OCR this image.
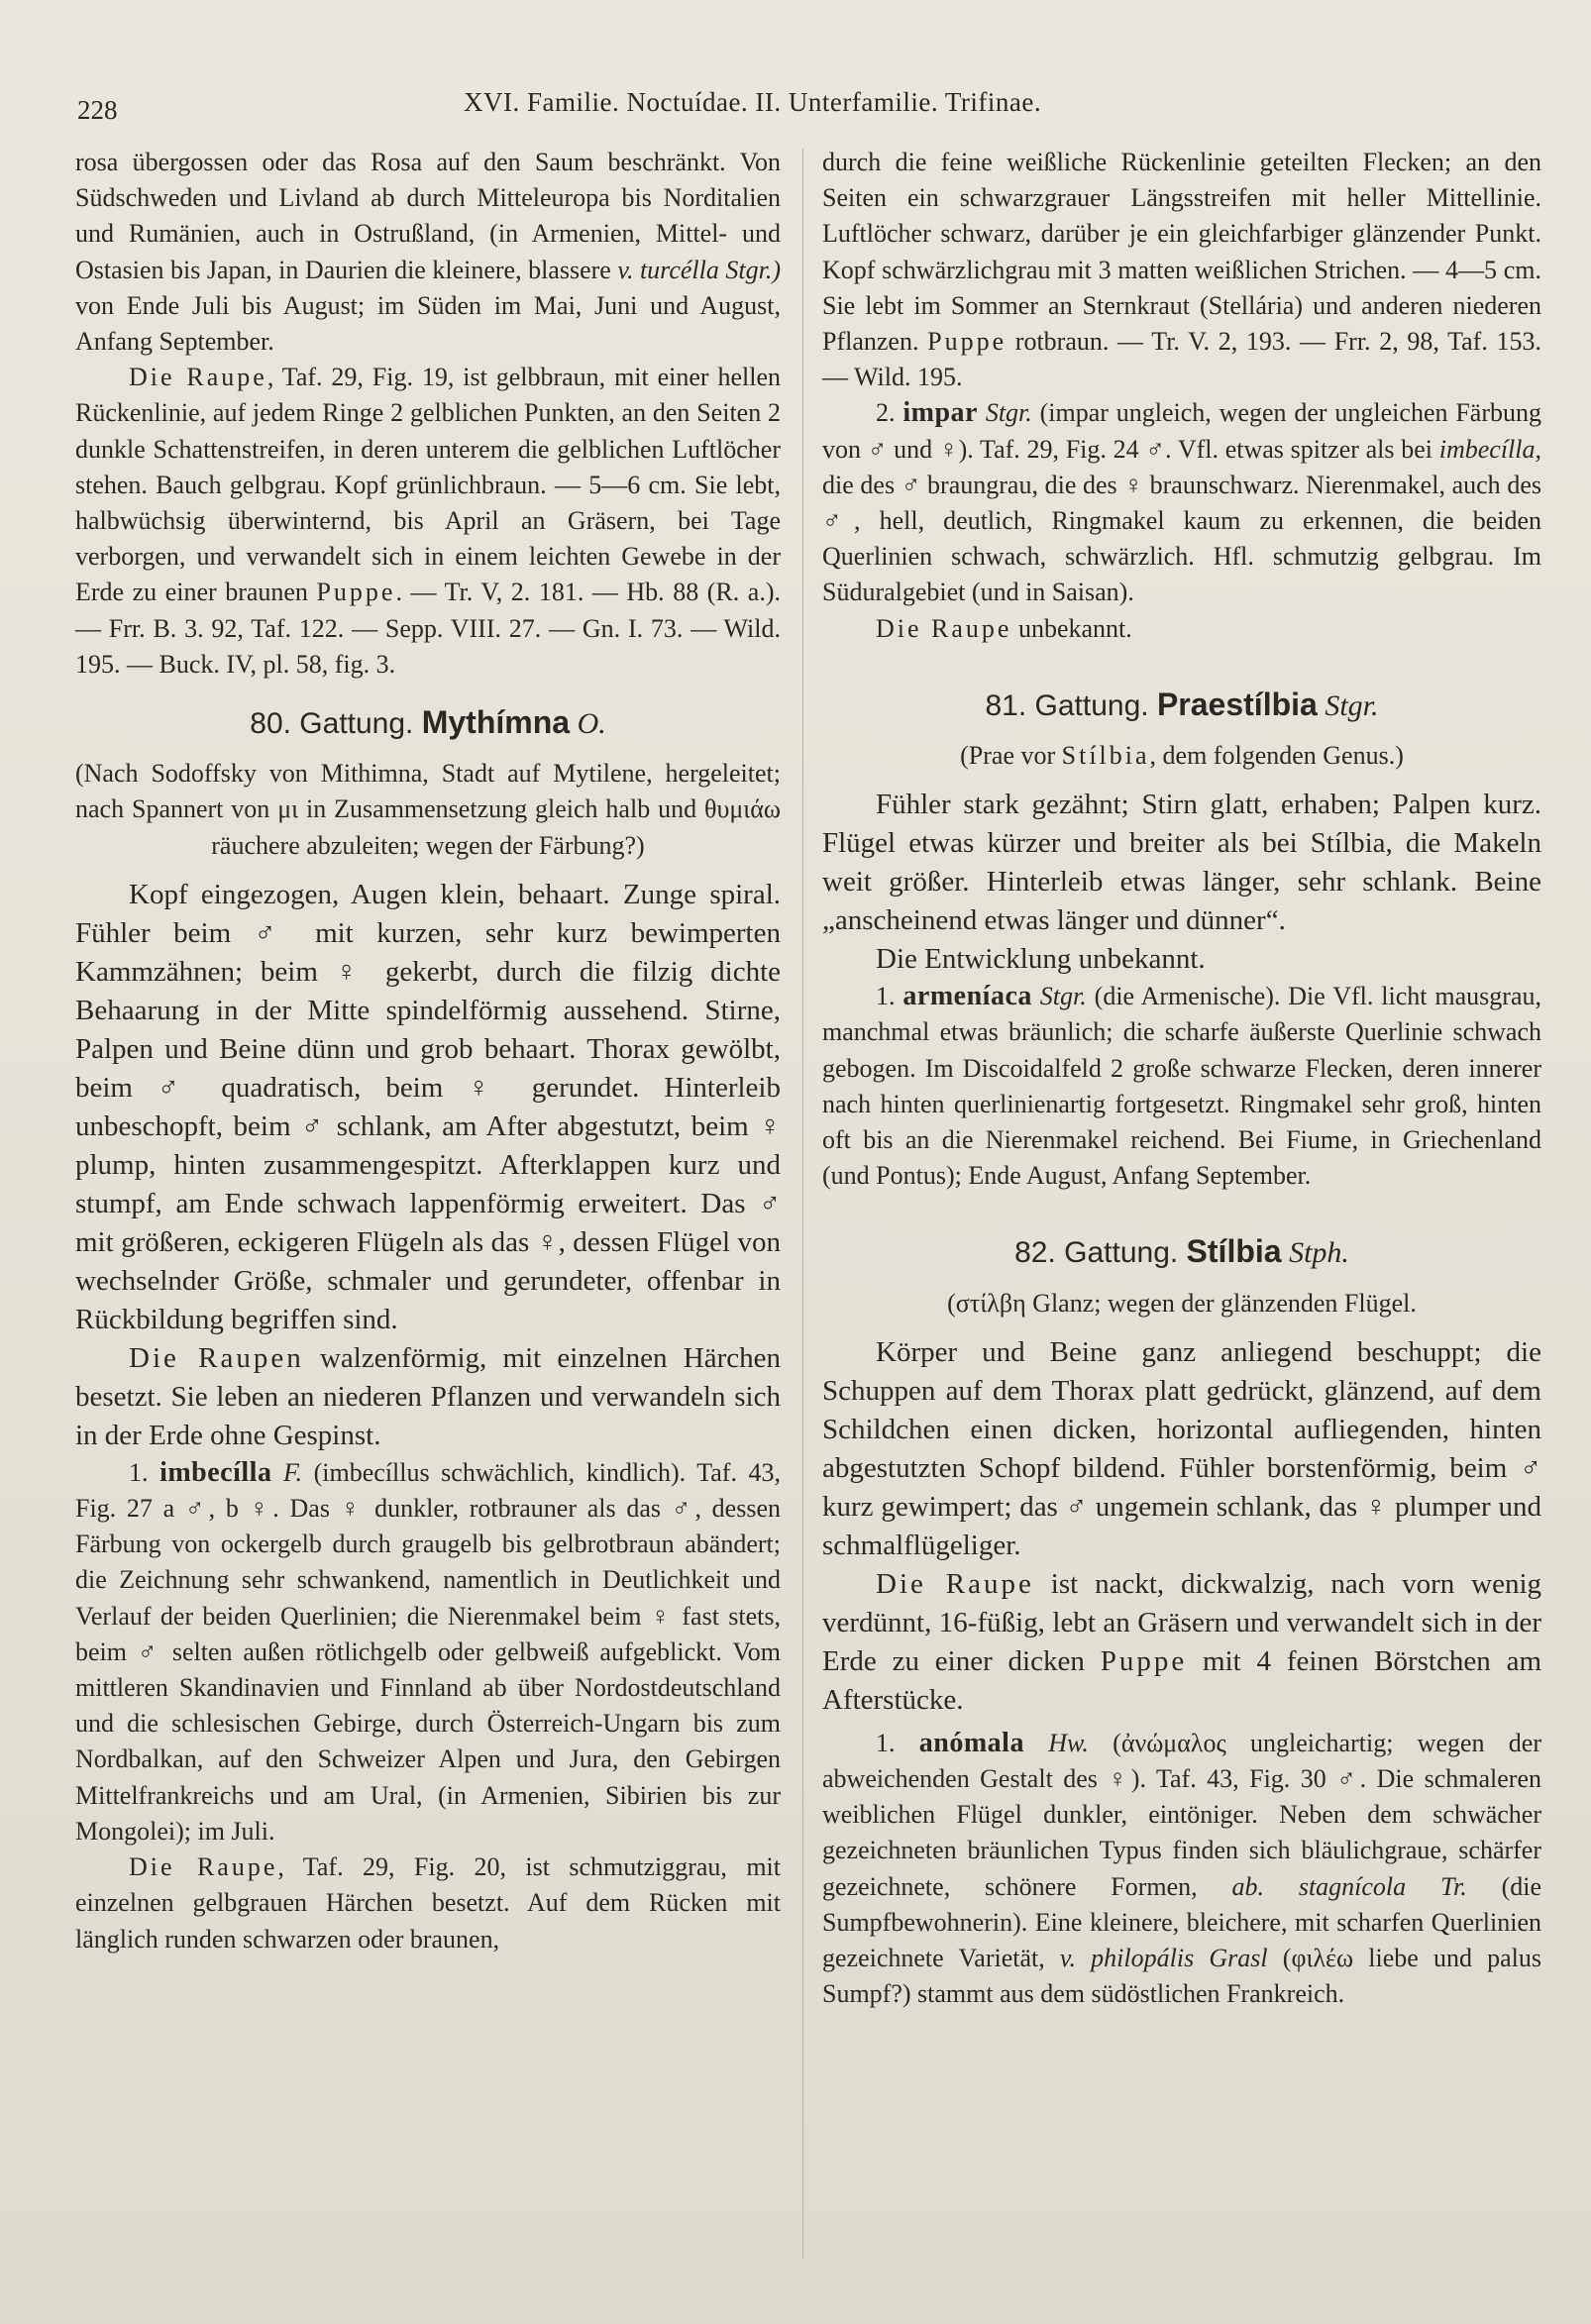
228	XVI. Familie. Noctuídae. II. Unterfamilie. Trifinae.

rosa übergossen oder das Rosa auf den Saum beschränkt. Von Südschweden und Livland ab durch Mitteleuropa bis Norditalien und Rumänien, auch in Ostrußland, (in Armenien, Mittel- und Ostasien bis Japan, in Daurien die kleinere, blassere v. turcélla Stgr.) von Ende Juli bis August; im Süden im Mai, Juni und August, Anfang September.

Die Raupe, Taf. 29, Fig. 19, ist gelbbraun, mit einer hellen Rückenlinie, auf jedem Ringe 2 gelblichen Punkten, an den Seiten 2 dunkle Schattenstreifen, in deren unterem die gelblichen Luftlöcher stehen. Bauch gelbgrau. Kopf grünlichbraun. — 5—6 cm. Sie lebt, halbwüchsig überwinternd, bis April an Gräsern, bei Tage verborgen, und verwandelt sich in einem leichten Gewebe in der Erde zu einer braunen Puppe. — Tr. V, 2. 181. — Hb. 88 (R. a.). — Frr. B. 3. 92, Taf. 122. — Sepp. VIII. 27. — Gn. I. 73. — Wild. 195. — Buck. IV, pl. 58, fig. 3.

80. Gattung. Mythímna O.

(Nach Sodoffsky von Mithimna, Stadt auf Mytilene, hergeleitet; nach Spannert von μι in Zusammensetzung gleich halb und θυμιάω räuchere abzuleiten; wegen der Färbung?)

Kopf eingezogen, Augen klein, behaart. Zunge spiral. Fühler beim ♂ mit kurzen, sehr kurz bewimperten Kammzähnen; beim ♀ gekerbt, durch die filzig dichte Behaarung in der Mitte spindelförmig aussehend. Stirne, Palpen und Beine dünn und grob behaart. Thorax gewölbt, beim ♂ quadratisch, beim ♀ gerundet. Hinterleib unbeschopft, beim ♂ schlank, am After abgestutzt, beim ♀ plump, hinten zusammengespitzt. Afterklappen kurz und stumpf, am Ende schwach lappenförmig erweitert. Das ♂ mit größeren, eckigeren Flügeln als das ♀, dessen Flügel von wechselnder Größe, schmaler und gerundeter, offenbar in Rückbildung begriffen sind.

Die Raupen walzenförmig, mit einzelnen Härchen besetzt. Sie leben an niederen Pflanzen und verwandeln sich in der Erde ohne Gespinst.

1. imbecílla F. (imbecíllus schwächlich, kindlich). Taf. 43, Fig. 27 a ♂, b ♀. Das ♀ dunkler, rotbrauner als das ♂, dessen Färbung von ockergelb durch graugelb bis gelbrotbraun abändert; die Zeichnung sehr schwankend, namentlich in Deutlichkeit und Verlauf der beiden Querlinien; die Nierenmakel beim ♀ fast stets, beim ♂ selten außen rötlichgelb oder gelbweiß aufgeblickt. Vom mittleren Skandinavien und Finnland ab über Nordostdeutschland und die schlesischen Gebirge, durch Österreich-Ungarn bis zum Nordbalkan, auf den Schweizer Alpen und Jura, den Gebirgen Mittelfrankreichs und am Ural, (in Armenien, Sibirien bis zur Mongolei); im Juli.

Die Raupe, Taf. 29, Fig. 20, ist schmutziggrau, mit einzelnen gelbgrauen Härchen besetzt. Auf dem Rücken mit länglich runden schwarzen oder braunen,

durch die feine weißliche Rückenlinie geteilten Flecken; an den Seiten ein schwarzgrauer Längsstreifen mit heller Mittellinie. Luftlöcher schwarz, darüber je ein gleichfarbiger glänzender Punkt. Kopf schwärzlichgrau mit 3 matten weißlichen Strichen. — 4—5 cm. Sie lebt im Sommer an Sternkraut (Stellária) und anderen niederen Pflanzen. Puppe rotbraun. — Tr. V. 2, 193. — Frr. 2, 98, Taf. 153. — Wild. 195.

2. impar Stgr. (impar ungleich, wegen der ungleichen Färbung von ♂ und ♀). Taf. 29, Fig. 24 ♂. Vfl. etwas spitzer als bei imbecílla, die des ♂ braungrau, die des ♀ braunschwarz. Nierenmakel, auch des ♂, hell, deutlich, Ringmakel kaum zu erkennen, die beiden Querlinien schwach, schwärzlich. Hfl. schmutzig gelbgrau. Im Süduralgebiet (und in Saisan).

Die Raupe unbekannt.

81. Gattung. Praestílbia Stgr.

(Prae vor Stílbia, dem folgenden Genus.)

Fühler stark gezähnt; Stirn glatt, erhaben; Palpen kurz. Flügel etwas kürzer und breiter als bei Stílbia, die Makeln weit größer. Hinterleib etwas länger, sehr schlank. Beine „anscheinend etwas länger und dünner“.

Die Entwicklung unbekannt.

1. armeníaca Stgr. (die Armenische). Die Vfl. licht mausgrau, manchmal etwas bräunlich; die scharfe äußerste Querlinie schwach gebogen. Im Discoidalfeld 2 große schwarze Flecken, deren innerer nach hinten querlinienartig fortgesetzt. Ringmakel sehr groß, hinten oft bis an die Nierenmakel reichend. Bei Fiume, in Griechenland (und Pontus); Ende August, Anfang September.

82. Gattung. Stílbia Stph.

(στίλβη Glanz; wegen der glänzenden Flügel.

Körper und Beine ganz anliegend beschuppt; die Schuppen auf dem Thorax platt gedrückt, glänzend, auf dem Schildchen einen dicken, horizontal aufliegenden, hinten abgestutzten Schopf bildend. Fühler borstenförmig, beim ♂ kurz gewimpert; das ♂ ungemein schlank, das ♀ plumper und schmalflügeliger.

Die Raupe ist nackt, dickwalzig, nach vorn wenig verdünnt, 16-füßig, lebt an Gräsern und verwandelt sich in der Erde zu einer dicken Puppe mit 4 feinen Börstchen am Afterstücke.

1. anómala Hw. (ἀνώμαλος ungleichartig; wegen der abweichenden Gestalt des ♀). Taf. 43, Fig. 30 ♂. Die schmaleren weiblichen Flügel dunkler, eintöniger. Neben dem schwächer gezeichneten bräunlichen Typus finden sich bläulichgraue, schärfer gezeichnete, schönere Formen, ab. stagnícola Tr. (die Sumpfbewohnerin). Eine kleinere, bleichere, mit scharfen Querlinien gezeichnete Varietät, v. philopális Grasl (φιλέω liebe und palus Sumpf?) stammt aus dem südöstlichen Frankreich.
